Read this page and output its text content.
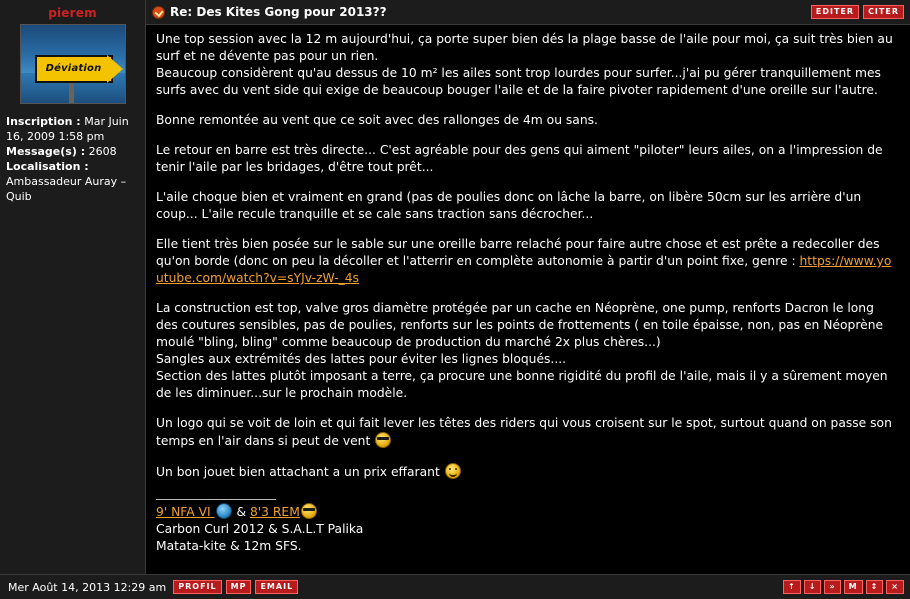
pierem
Déviation
Inscription : Mar Juin 16, 2009 1:58 pm
Message(s) : 2608
Localisation : Ambassadeur Auray – Quib
Re: Des Kites Gong pour 2013??	EDITER	CITER

Une top session avec la 12 m aujourd'hui, ça porte super bien dés la plage basse de l'aile pour moi, ça suit très bien au surf et ne dévente pas pour un rien.

Beaucoup considèrent qu'au dessus de 10 m² les ailes sont trop lourdes pour surfer...j'ai pu gérer tranquillement mes surfs avec du vent side qui exige de beaucoup bouger l'aile et de la faire pivoter rapidement d'une oreille sur l'autre.

Bonne remontée au vent que ce soit avec des rallonges de 4m ou sans.

Le retour en barre est très directe... C'est agréable pour des gens qui aiment "piloter" leurs ailes, on a l'impression de tenir l'aile par les bridages, d'être tout prêt...

L'aile choque bien et vraiment en grand (pas de poulies donc on lâche la barre, on libère 50cm sur les arrière d'un coup... L'aile recule tranquille et se cale sans traction sans décrocher...

Elle tient très bien posée sur le sable sur une oreille barre relaché pour faire autre chose et est prête a redecoller des qu'on borde (donc on peu la décoller et l'atterrir en complète autonomie à partir d'un point fixe, genre : https://www.youtube.com/watch?v=sYJv-zW-_4s

La construction est top, valve gros diamètre protégée par un cache en Néoprène, one pump, renforts Dacron le long des coutures sensibles, pas de poulies, renforts sur les points de frottements ( en toile épaisse, non, pas en Néoprène moulé "bling, bling" comme beaucoup de production du marché 2x plus chères...)

Sangles aux extrémités des lattes pour éviter les lignes bloqués....

Section des lattes plutôt imposant a terre, ça procure une bonne rigidité du profil de l'aile, mais il y a sûrement moyen de les diminuer...sur le prochain modèle.

Un logo qui se voit de loin et qui fait lever les têtes des riders qui vous croisent sur le spot, surtout quand on passe son temps en l'air dans si peut de vent

Un bon jouet bien attachant a un prix effarant

9' NFA VI  & 8'3 REM
Carbon Curl 2012 & S.A.L.T Palika
Matata-kite & 12m SFS.
Mer Août 14, 2013 12:29 am	PROFIL	MP	EMAIL	↑	↓	»	M	↕	×
